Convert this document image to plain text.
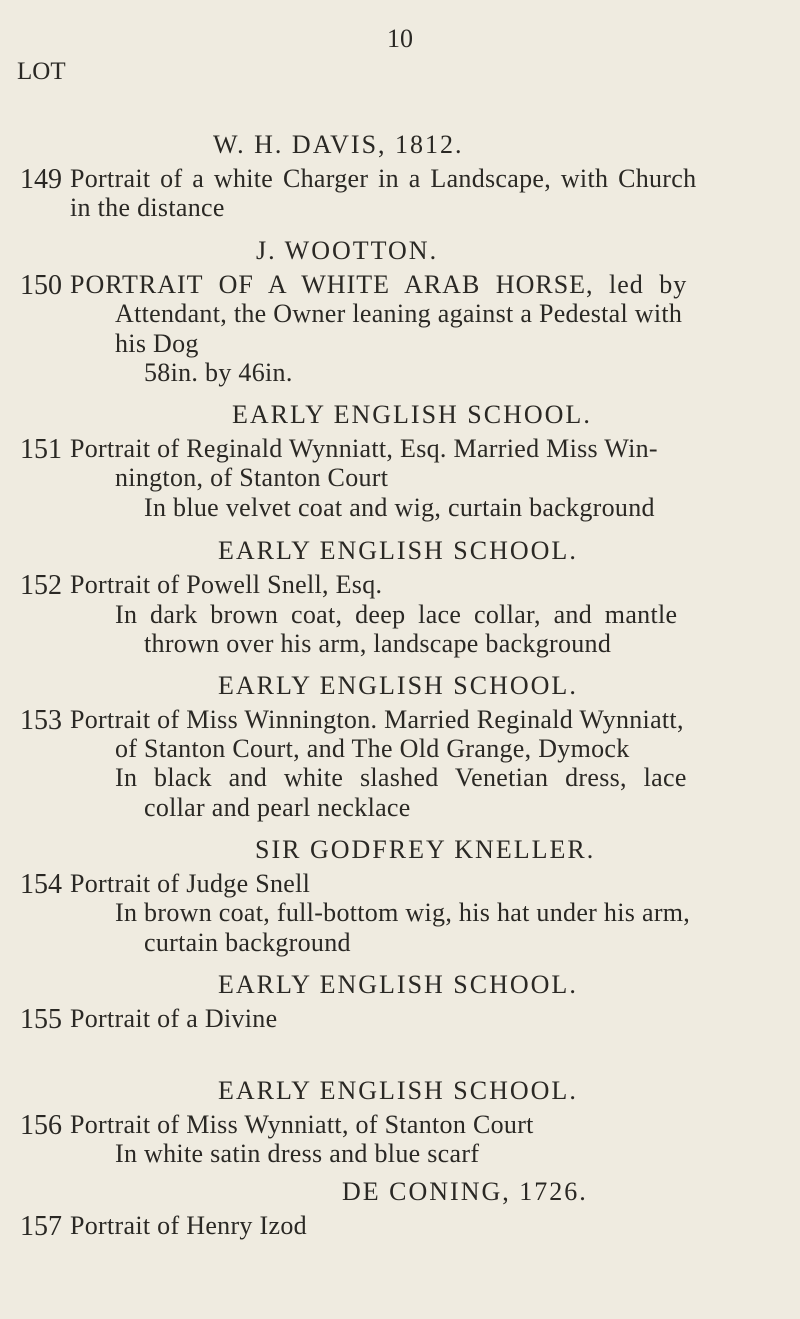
10
LOT
149
W. H. DAVIS, 1812.
Portrait of a white Charger in a Landscape, with Church
in the distance
150
J. WOOTTON.
PORTRAIT OF A WHITE ARAB HORSE, led by
Attendant, the Owner leaning against a Pedestal with
his Dog
58in. by 46in.
151
EARLY ENGLISH SCHOOL.
Portrait of Reginald Wynniatt, Esq. Married Miss Win-
nington, of Stanton Court
In blue velvet coat and wig, curtain background
152
EARLY ENGLISH SCHOOL.
Portrait of Powell Snell, Esq.
In dark brown coat, deep lace collar, and mantle
thrown over his arm, landscape background
153
EARLY ENGLISH SCHOOL.
Portrait of Miss Winnington. Married Reginald Wynniatt,
of Stanton Court, and The Old Grange, Dymock
In black and white slashed Venetian dress, lace
collar and pearl necklace
154
SIR GODFREY KNELLER.
Portrait of Judge Snell
In brown coat, full-bottom wig, his hat under his arm,
curtain background
155
EARLY ENGLISH SCHOOL.
Portrait of a Divine
156
EARLY ENGLISH SCHOOL.
Portrait of Miss Wynniatt, of Stanton Court
In white satin dress and blue scarf
157
DE CONING, 1726.
Portrait of Henry Izod
